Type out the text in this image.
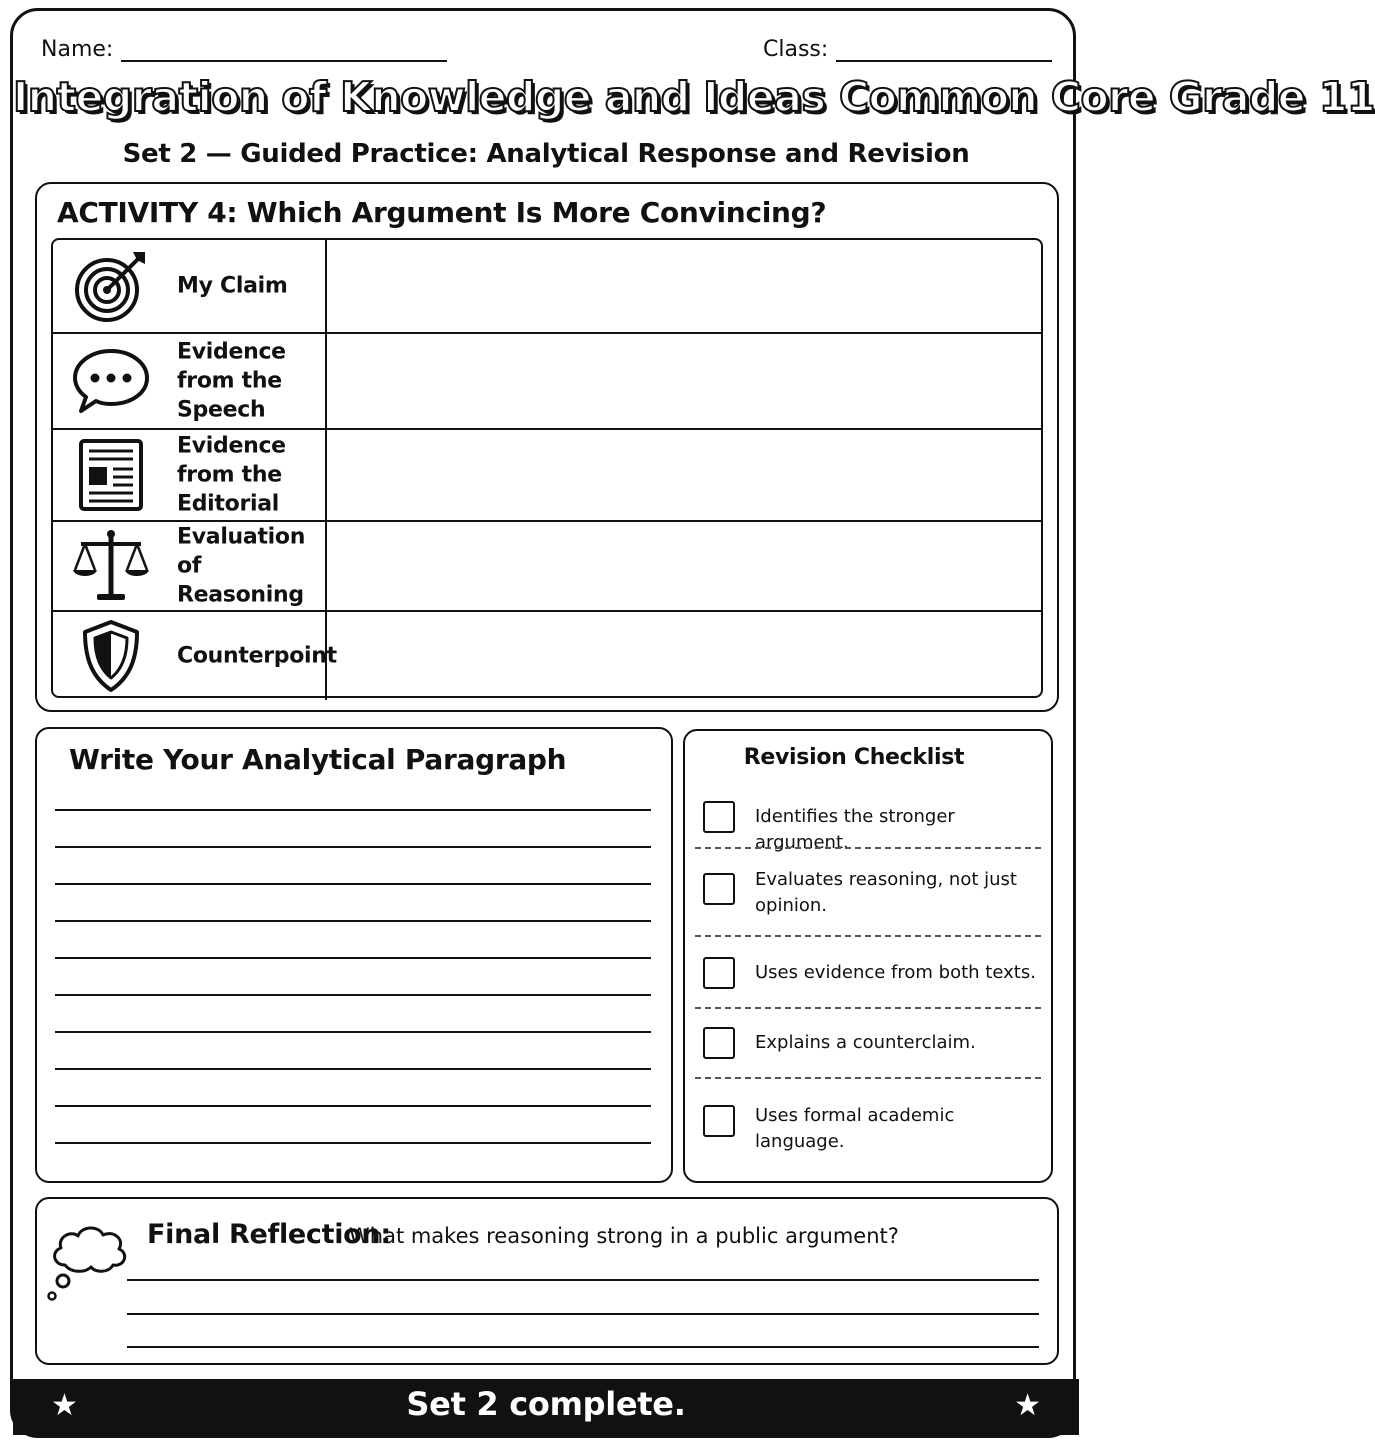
Name:	Class:
Integration of Knowledge and Ideas Common Core Grade 11
Set 2 — Guided Practice: Analytical Response and Revision
ACTIVITY 4: Which Argument Is More Convincing?
My Claim
Evidence from the Speech
Evidence from the Editorial
Evaluation of Reasoning
Counterpoint
Write Your Analytical Paragraph	Revision Checklist
Identifies the stronger argument.
Evaluates reasoning, not just opinion.
Uses evidence from both texts.
Explains a counterclaim.
Uses formal academic language.
Final Reflection:
What makes reasoning strong in a public argument?
★	Set 2 complete.	★
